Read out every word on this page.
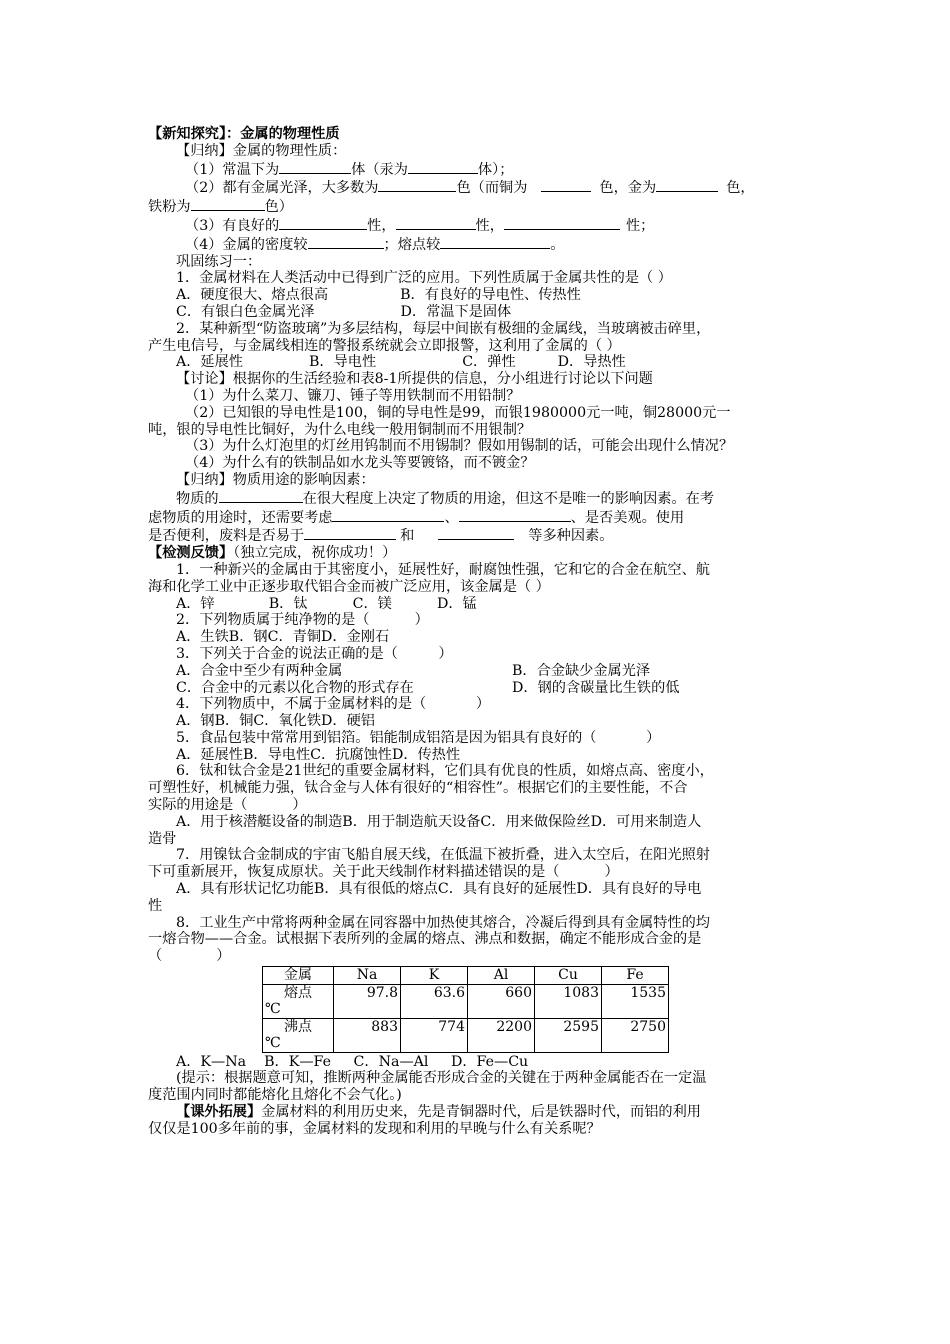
【新知探究】：金属的物理性质
【归纳】金属的物理性质：
（1）常温下为	体（汞为	体）；
（2）都有金属光泽，大多数为	色（而铜为	色，金为	色，
铁粉为	色）
（3）有良好的	性，	性，	性；
（4）金属的密度较	；熔点较	。
巩固练习一：
1．金属材料在人类活动中已得到广泛的应用。下列性质属于金属共性的是（ ）
A．硬度很大、熔点很高	B．有良好的导电性、传热性
C．有银白色金属光泽	D．常温下是固体
2．某种新型“防盗玻璃”为多层结构，每层中间嵌有极细的金属线，当玻璃被击碎里，
产生电信号，与金属线相连的警报系统就会立即报警，这利用了金属的（ ）
A．延展性	B．导电性	C．弹性	D．导热性
【讨论】根据你的生活经验和表8-1所提供的信息，分小组进行讨论以下问题
（1）为什么菜刀、镰刀、锤子等用铁制而不用铅制？
（2）已知银的导电性是100，铜的导电性是99，而银1980000元一吨，铜28000元一
吨，银的导电性比铜好，为什么电线一般用铜制而不用银制？
（3）为什么灯泡里的灯丝用钨制而不用锡制？假如用锡制的话，可能会出现什么情况？
（4）为什么有的铁制品如水龙头等要镀铬，而不镀金？
【归纳】物质用途的影响因素：
物质的	在很大程度上决定了物质的用途，但这不是唯一的影响因素。在考
虑物质的用途时，还需要考虑	、	、是否美观。使用
是否便利，废料是否易于	和	等多种因素。
【检测反馈】（独立完成，祝你成功！）
1．一种新兴的金属由于其密度小，延展性好，耐腐蚀性强，它和它的合金在航空、航
海和化学工业中正逐步取代铝合金而被广泛应用，该金属是（ ）
A．锌            B．钛          C．镁          D．锰
2．下列物质属于纯净物的是（          ）
A．生铁B．钢C．青铜D．金刚石
3．下列关于合金的说法正确的是（         ）
A．合金中至少有两种金属	B．合金缺少金属光泽
C．合金中的元素以化合物的形式存在	D．钢的含碳量比生铁的低
4．下列物质中，不属于金属材料的是（           ）
A．钢B．铜C．氧化铁D．硬铝
5．食品包装中常常用到铝箔。铝能制成铝箔是因为铝具有良好的（           ）
A．延展性B．导电性C．抗腐蚀性D．传热性
6．钛和钛合金是21世纪的重要金属材料，它们具有优良的性质，如熔点高、密度小，
可塑性好，机械能力强，钛合金与人体有很好的“相容性”。根据它们的主要性能，不合
实际的用途是（          ）
A．用于核潜艇设备的制造B．用于制造航天设备C．用来做保险丝D．可用来制造人
造骨
7．用镍钛合金制成的宇宙飞船自展天线，在低温下被折叠，进入太空后，在阳光照射
下可重新展开，恢复成原状。关于此天线制作材料描述错误的是（          ）
A．具有形状记忆功能B．具有很低的熔点C．具有良好的延展性D．具有良好的导电
性
8．工业生产中常将两种金属在同容器中加热使其熔合，冷凝后得到具有金属特性的均
一熔合物——合金。试根据下表所列的金属的熔点、沸点和数据，确定不能形成合金的是
（            ）
金属	Na	K	Al	Cu	Fe

熔点
℃	97.8	63.6	660	1083	1535

沸点
℃	883	774	2200	2595	2750
A．K—Na    B．K—Fe     C．Na—Al     D．Fe—Cu
(提示：根据题意可知，推断两种金属能否形成合金的关键在于两种金属能否在一定温
度范围内同时都能熔化且熔化不会气化。)
【课外拓展】金属材料的利用历史来，先是青铜器时代，后是铁器时代，而铝的利用
仅仅是100多年前的事，金属材料的发现和利用的早晚与什么有关系呢？
